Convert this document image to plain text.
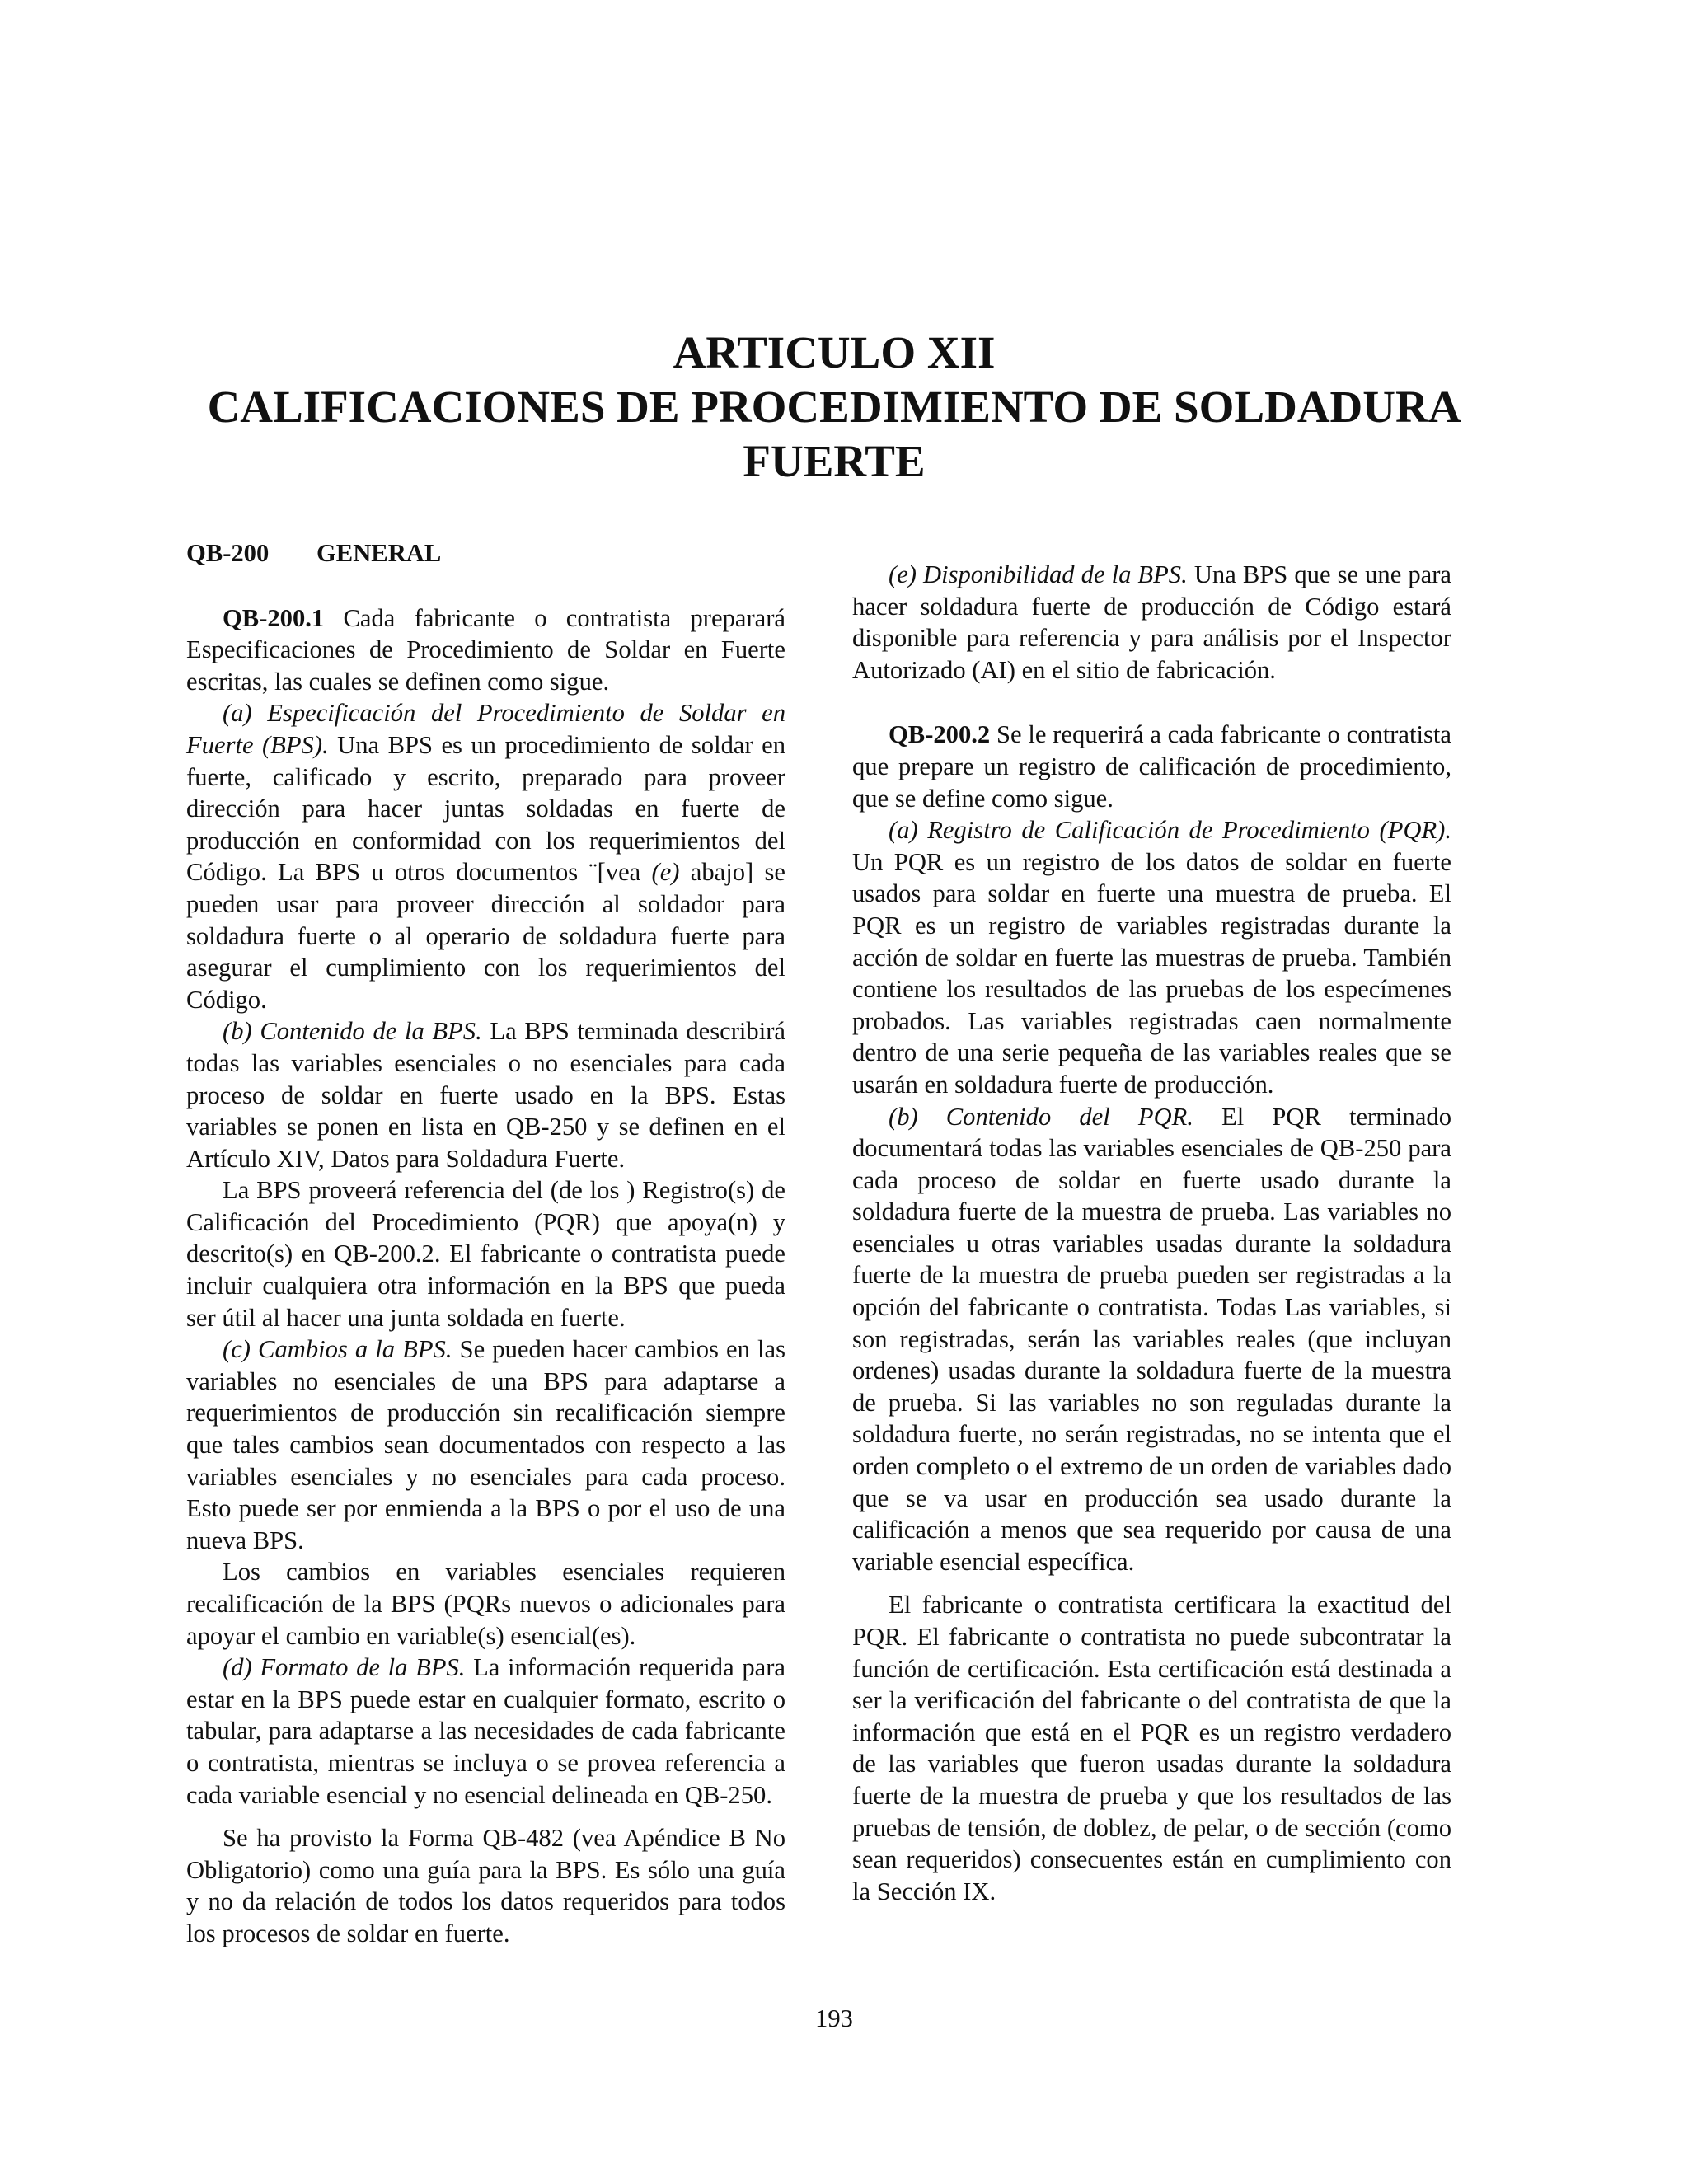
ARTICULO XII
CALIFICACIONES DE PROCEDIMIENTO DE SOLDADURA
FUERTE

QB-200 GENERAL

QB-200.1 Cada fabricante o contratista preparará Especificaciones de Procedimiento de Soldar en Fuerte escritas, las cuales se definen como sigue.

(a) Especificación del Procedimiento de Soldar en Fuerte (BPS). Una BPS es un procedimiento de soldar en fuerte, calificado y escrito, preparado para proveer dirección para hacer juntas soldadas en fuerte de producción en conformidad con los requerimientos del Código. La BPS u otros documentos ¨[vea (e) abajo] se pueden usar para proveer dirección al soldador para soldadura fuerte o al operario de soldadura fuerte para asegurar el cumplimiento con los requerimientos del Código.

(b) Contenido de la BPS. La BPS terminada describirá todas las variables esenciales o no esenciales para cada proceso de soldar en fuerte usado en la BPS. Estas variables se ponen en lista en QB-250 y se definen en el Artículo XIV, Datos para Soldadura Fuerte.

La BPS proveerá referencia del (de los ) Registro(s) de Calificación del Procedimiento (PQR) que apoya(n) y descrito(s) en QB-200.2. El fabricante o contratista puede incluir cualquiera otra información en la BPS que pueda ser útil al hacer una junta soldada en fuerte.

(c) Cambios a la BPS. Se pueden hacer cambios en las variables no esenciales de una BPS para adaptarse a requerimientos de producción sin recalificación siempre que tales cambios sean documentados con respecto a las variables esenciales y no esenciales para cada proceso. Esto puede ser por enmienda a la BPS o por el uso de una nueva BPS.

Los cambios en variables esenciales requieren recalificación de la BPS (PQRs nuevos o adicionales para apoyar el cambio en variable(s) esencial(es).

(d) Formato de la BPS. La información requerida para estar en la BPS puede estar en cualquier formato, escrito o tabular, para adaptarse a las necesidades de cada fabricante o contratista, mientras se incluya o se provea referencia a cada variable esencial y no esencial delineada en QB-250.

Se ha provisto la Forma QB-482 (vea Apéndice B No Obligatorio) como una guía para la BPS. Es sólo una guía y no da relación de todos los datos requeridos para todos los procesos de soldar en fuerte.

(e) Disponibilidad de la BPS. Una BPS que se une para hacer soldadura fuerte de producción de Código estará disponible para referencia y para análisis por el Inspector Autorizado (AI) en el sitio de fabricación.

QB-200.2 Se le requerirá a cada fabricante o contratista que prepare un registro de calificación de procedimiento, que se define como sigue.

(a) Registro de Calificación de Procedimiento (PQR). Un PQR es un registro de los datos de soldar en fuerte usados para soldar en fuerte una muestra de prueba. El PQR es un registro de variables registradas durante la acción de soldar en fuerte las muestras de prueba. También contiene los resultados de las pruebas de los especímenes probados. Las variables registradas caen normalmente dentro de una serie pequeña de las variables reales que se usarán en soldadura fuerte de producción.

(b) Contenido del PQR. El PQR terminado documentará todas las variables esenciales de QB-250 para cada proceso de soldar en fuerte usado durante la soldadura fuerte de la muestra de prueba. Las variables no esenciales u otras variables usadas durante la soldadura fuerte de la muestra de prueba pueden ser registradas a la opción del fabricante o contratista. Todas Las variables, si son registradas, serán las variables reales (que incluyan ordenes) usadas durante la soldadura fuerte de la muestra de prueba. Si las variables no son reguladas durante la soldadura fuerte, no serán registradas, no se intenta que el orden completo o el extremo de un orden de variables dado que se va usar en producción sea usado durante la calificación a menos que sea requerido por causa de una variable esencial específica.

El fabricante o contratista certificara la exactitud del PQR. El fabricante o contratista no puede subcontratar la función de certificación. Esta certificación está destinada a ser la verificación del fabricante o del contratista de que la información que está en el PQR es un registro verdadero de las variables que fueron usadas durante la soldadura fuerte de la muestra de prueba y que los resultados de las pruebas de tensión, de doblez, de pelar, o de sección (como sean requeridos) consecuentes están en cumplimiento con la Sección IX.

193
